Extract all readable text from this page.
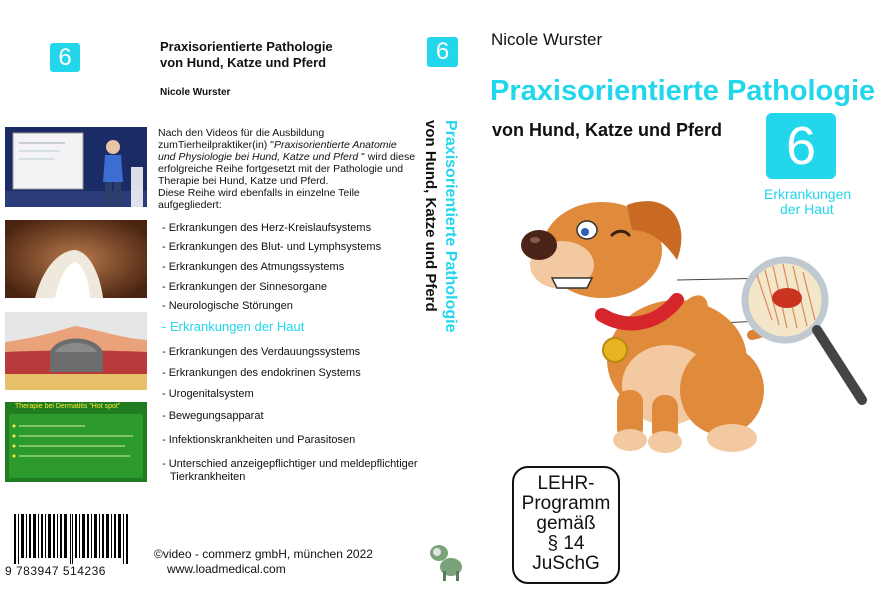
6	Praxisorientierte Pathologie
von Hund, Katze und Pferd
Nicole Wurster
Therapie bei Dermatitis "Hot spot"
Nach den Videos für die Ausbildung
zumTierheilpraktiker(in) "Praxisorientierte Anatomie
und Physiologie bei Hund, Katze und Pferd " wird diese
erfolgreiche Reihe fortgesetzt mit der Pathologie und
Therapie bei Hund, Katze und Pferd.
Diese Reihe wird ebenfalls in einzelne Teile
aufgegliedert:
- Erkrankungen des Herz-Kreislaufsystems
- Erkrankungen des Blut- und Lymphsystems
- Erkrankungen des Atmungssystems
- Erkrankungen der Sinnesorgane
- Neurologische Störungen
- Erkrankungen der Haut
- Erkrankungen des Verdauungssystems
- Erkrankungen des endokrinen Systems
- Urogenitalsystem
- Bewegungsapparat
- Infektionskrankheiten und Parasitosen
- Unterschied anzeigepflichtiger und meldepflichtiger
Tierkrankheiten
9 783947 514236
©video - commerz gmbH, münchen 2022
www.loadmedical.com
6
Praxisorientierte Pathologie
von Hund, Katze und Pferd
Nicole Wurster
Praxisorientierte Pathologie
von Hund, Katze und Pferd	6
Erkrankungen
der Haut
LEHR-
Programm
gemäß
§ 14
JuSchG
